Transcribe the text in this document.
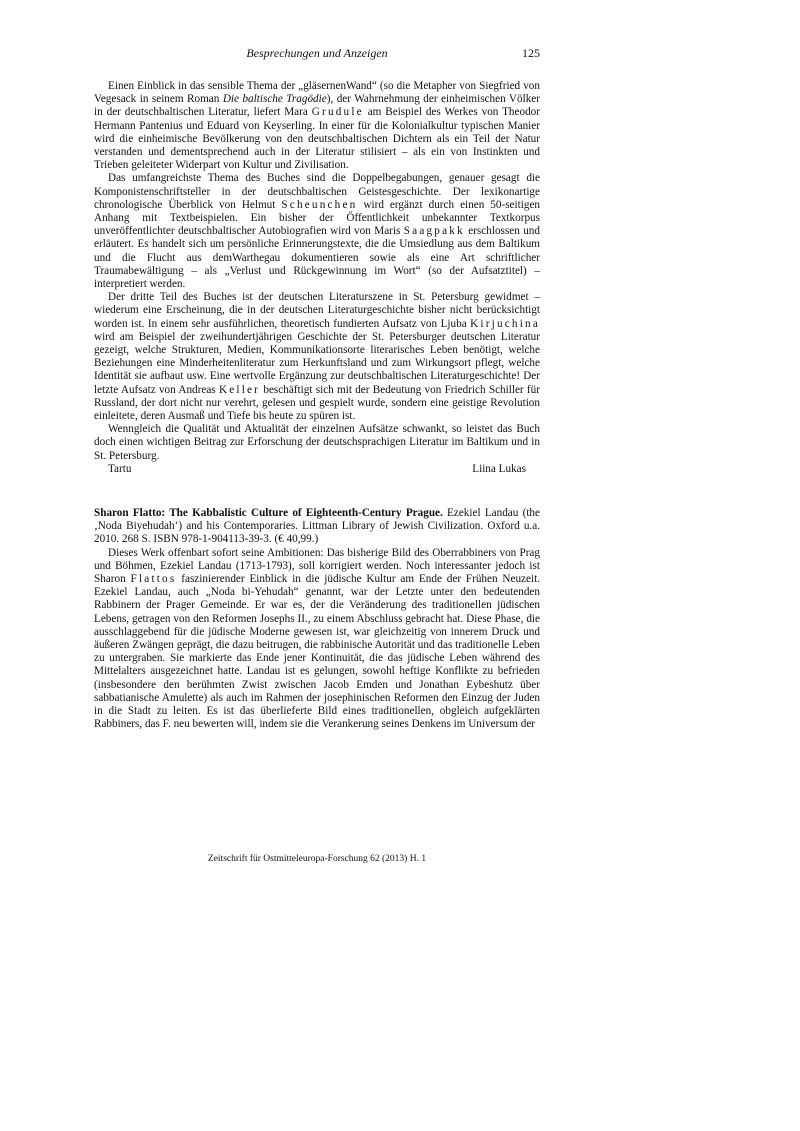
Besprechungen und Anzeigen	125

Einen Einblick in das sensible Thema der „gläsernenWand“ (so die Metapher von Siegfried von Vegesack in seinem Roman Die baltische Tragödie), der Wahrnehmung der einheimischen Völker in der deutschbaltischen Literatur, liefert Mara Grudule am Beispiel des Werkes von Theodor Hermann Pantenius und Eduard von Keyserling. In einer für die Kolonialkultur typischen Manier wird die einheimische Bevölkerung von den deutschbaltischen Dichtern als ein Teil der Natur verstanden und dementsprechend auch in der Literatur stilisiert – als ein von Instinkten und Trieben geleiteter Widerpart von Kultur und Zivilisation.

Das umfangreichste Thema des Buches sind die Doppelbegabungen, genauer gesagt die Komponistenschriftsteller in der deutschbaltischen Geistesgeschichte. Der lexikonartige chronologische Überblick von Helmut Scheunchen wird ergänzt durch einen 50-seitigen Anhang mit Textbeispielen. Ein bisher der Öffentlichkeit unbekannter Textkorpus unveröffentlichter deutschbaltischer Autobiografien wird von Maris Saagpakk erschlossen und erläutert. Es handelt sich um persönliche Erinnerungstexte, die die Umsiedlung aus dem Baltikum und die Flucht aus demWarthegau dokumentieren sowie als eine Art schriftlicher Traumabewältigung – als „Verlust und Rückgewinnung im Wort“ (so der Aufsatztitel) – interpretiert werden.

Der dritte Teil des Buches ist der deutschen Literaturszene in St. Petersburg gewidmet – wiederum eine Erscheinung, die in der deutschen Literaturgeschichte bisher nicht berücksichtigt worden ist. In einem sehr ausführlichen, theoretisch fundierten Aufsatz von Ljuba Kirjuchina wird am Beispiel der zweihundertjährigen Geschichte der St. Petersburger deutschen Literatur gezeigt, welche Strukturen, Medien, Kommunikationsorte literarisches Leben benötigt, welche Beziehungen eine Minderheitenliteratur zum Herkunftsland und zum Wirkungsort pflegt, welche Identität sie aufbaut usw. Eine wertvolle Ergänzung zur deutschbaltischen Literaturgeschichte! Der letzte Aufsatz von Andreas Keller beschäftigt sich mit der Bedeutung von Friedrich Schiller für Russland, der dort nicht nur verehrt, gelesen und gespielt wurde, sondern eine geistige Revolution einleitete, deren Ausmaß und Tiefe bis heute zu spüren ist.

Wenngleich die Qualität und Aktualität der einzelnen Aufsätze schwankt, so leistet das Buch doch einen wichtigen Beitrag zur Erforschung der deutschsprachigen Literatur im Baltikum und in St. Petersburg.

Tartu	Liina Lukas

Sharon Flatto: The Kabbalistic Culture of Eighteenth-Century Prague. Ezekiel Landau (the ‚Noda Biyehudah‘) and his Contemporaries. Littman Library of Jewish Civilization. Oxford u.a. 2010. 268 S. ISBN 978-1-904113-39-3. (€ 40,99.)

Dieses Werk offenbart sofort seine Ambitionen: Das bisherige Bild des Oberrabbiners von Prag und Böhmen, Ezekiel Landau (1713-1793), soll korrigiert werden. Noch interessanter jedoch ist Sharon Flattos faszinierender Einblick in die jüdische Kultur am Ende der Frühen Neuzeit. Ezekiel Landau, auch „Noda bi-Yehudah“ genannt, war der Letzte unter den bedeutenden Rabbinern der Prager Gemeinde. Er war es, der die Veränderung des traditionellen jüdischen Lebens, getragen von den Reformen Josephs II., zu einem Abschluss gebracht hat. Diese Phase, die ausschlaggebend für die jüdische Moderne gewesen ist, war gleichzeitig von innerem Druck und äußeren Zwängen geprägt, die dazu beitrugen, die rabbinische Autorität und das traditionelle Leben zu untergraben. Sie markierte das Ende jener Kontinuität, die das jüdische Leben während des Mittelalters ausgezeichnet hatte. Landau ist es gelungen, sowohl heftige Konflikte zu befrieden (insbesondere den berühmten Zwist zwischen Jacob Emden und Jonathan Eybeshutz über sabbatianische Amulette) als auch im Rahmen der josephinischen Reformen den Einzug der Juden in die Stadt zu leiten. Es ist das überlieferte Bild eines traditionellen, obgleich aufgeklärten Rabbiners, das F. neu bewerten will, indem sie die Verankerung seines Denkens im Universum der

Zeitschrift für Ostmitteleuropa-Forschung 62 (2013) H. 1
